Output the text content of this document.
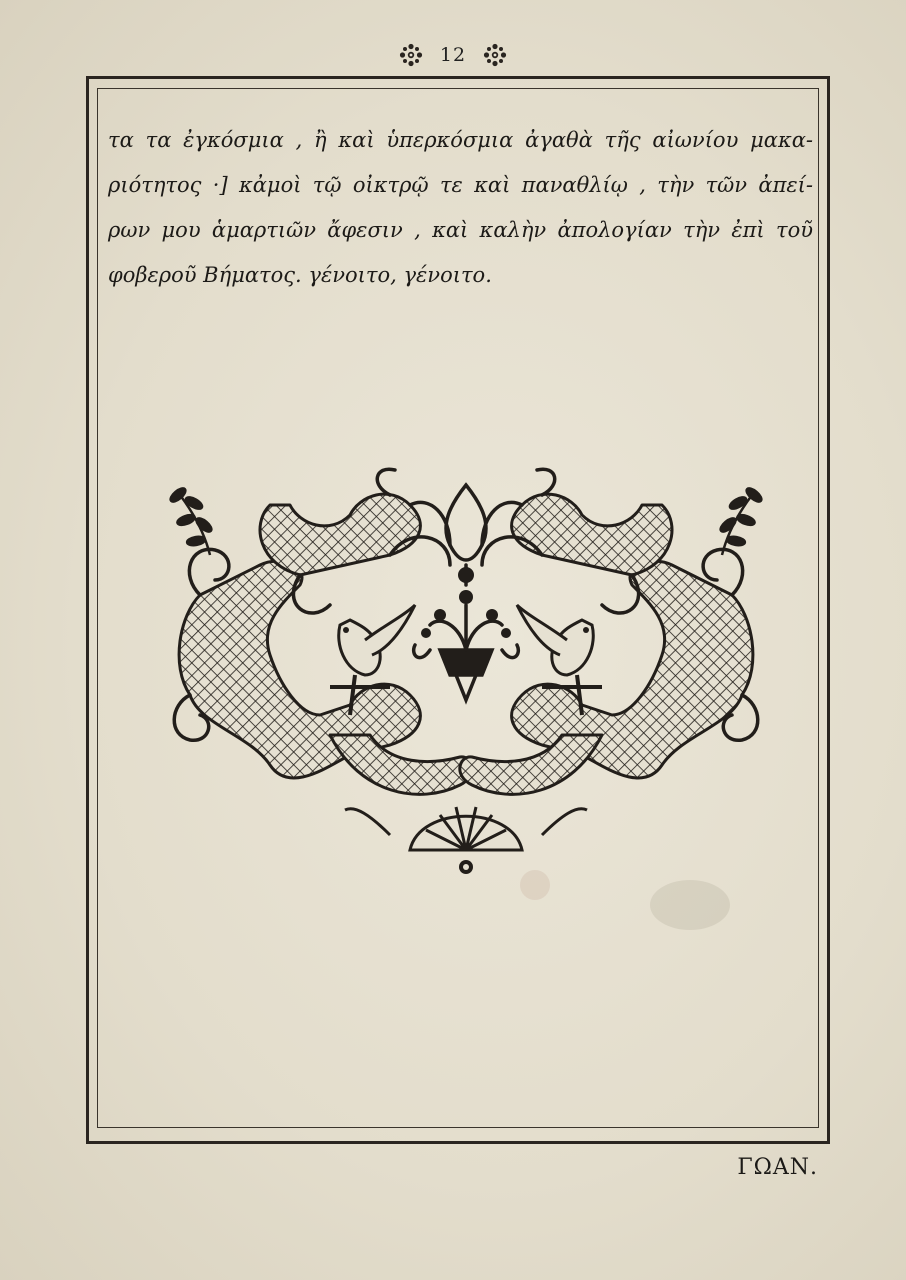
12
τα τα ἐγκόσμια , ἢ καὶ ὑπερκόσμια ἀγαθὰ τῆς αἰωνίου μακα-
ριότητος ·] κἀμοὶ τῷ οἰκτρῷ τε καὶ παναθλίῳ , τὴν τῶν ἀπεί-
ρων μου ἁμαρτιῶν ἄφεσιν , καὶ καλὴν ἀπολογίαν τὴν ἐπὶ τοῦ
φοβεροῦ Βήματος. γένοιτο, γένοιτο.
ΓΩΑΝ.
